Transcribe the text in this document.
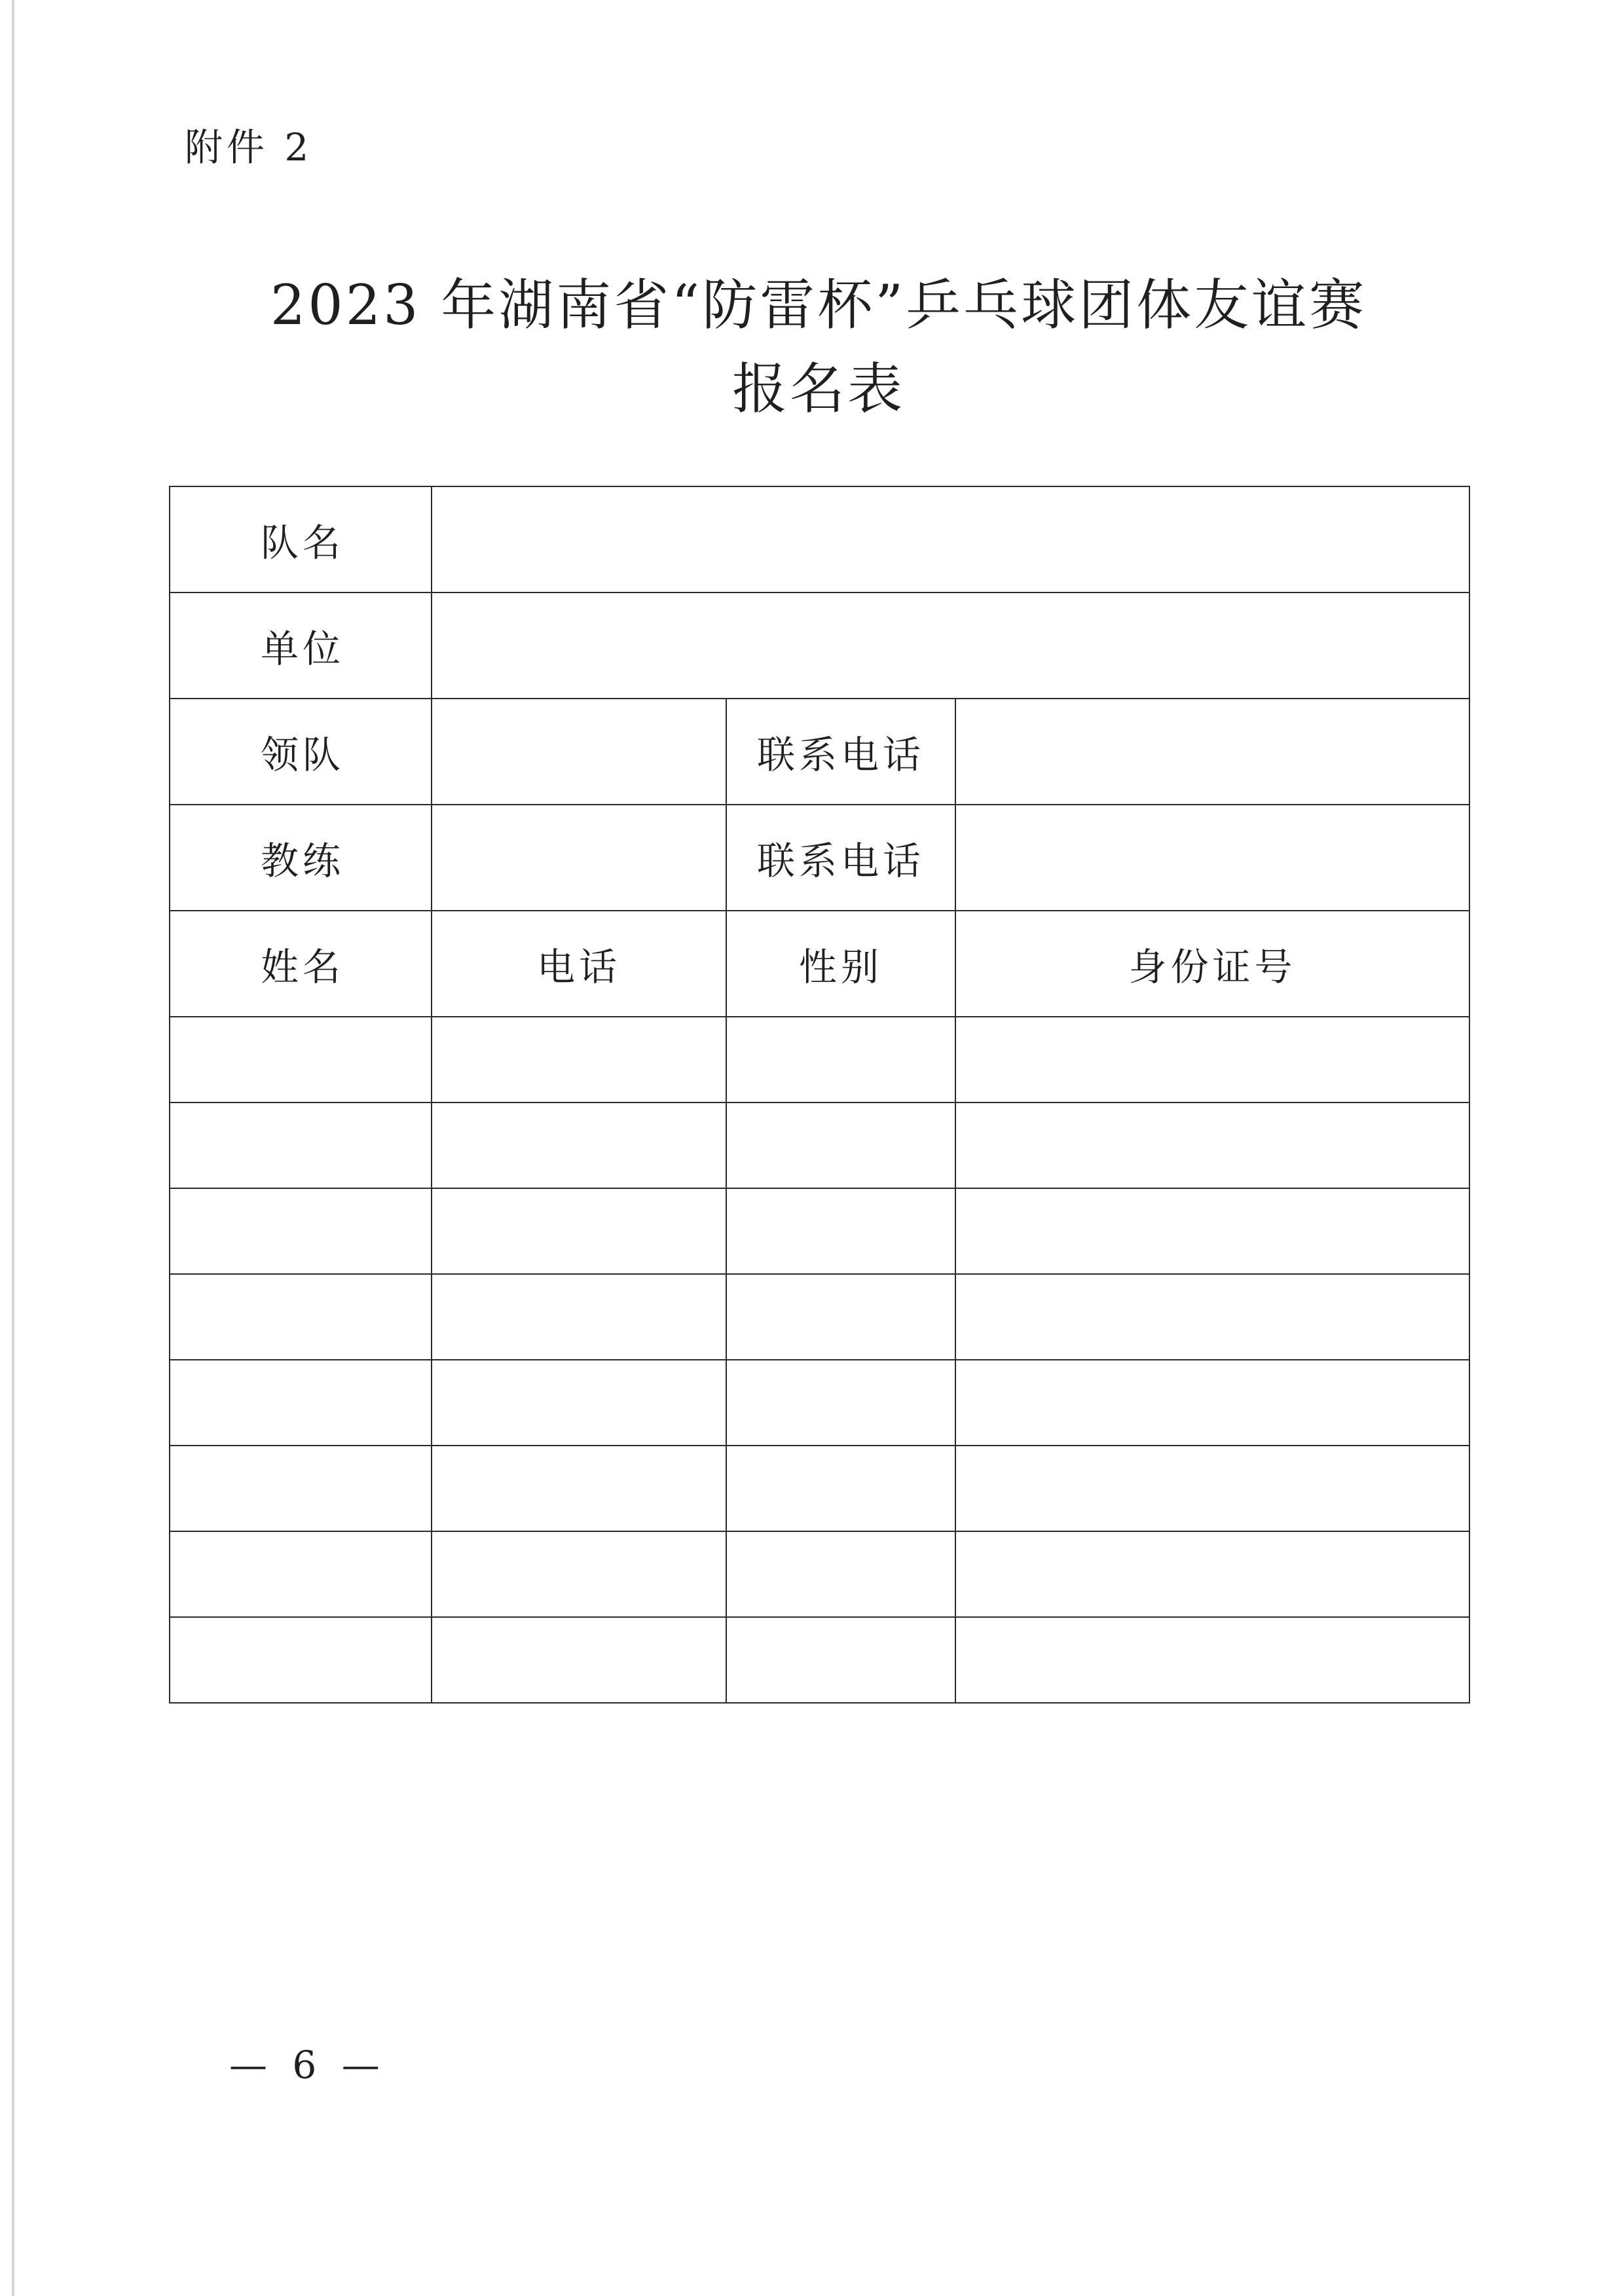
附件 2
2023 年湖南省“防雷杯”乒乓球团体友谊赛
报名表
队名			
单位			
领队		联系电话	
教练		联系电话	
姓名	电话	性别	身份证号

— 6 —
